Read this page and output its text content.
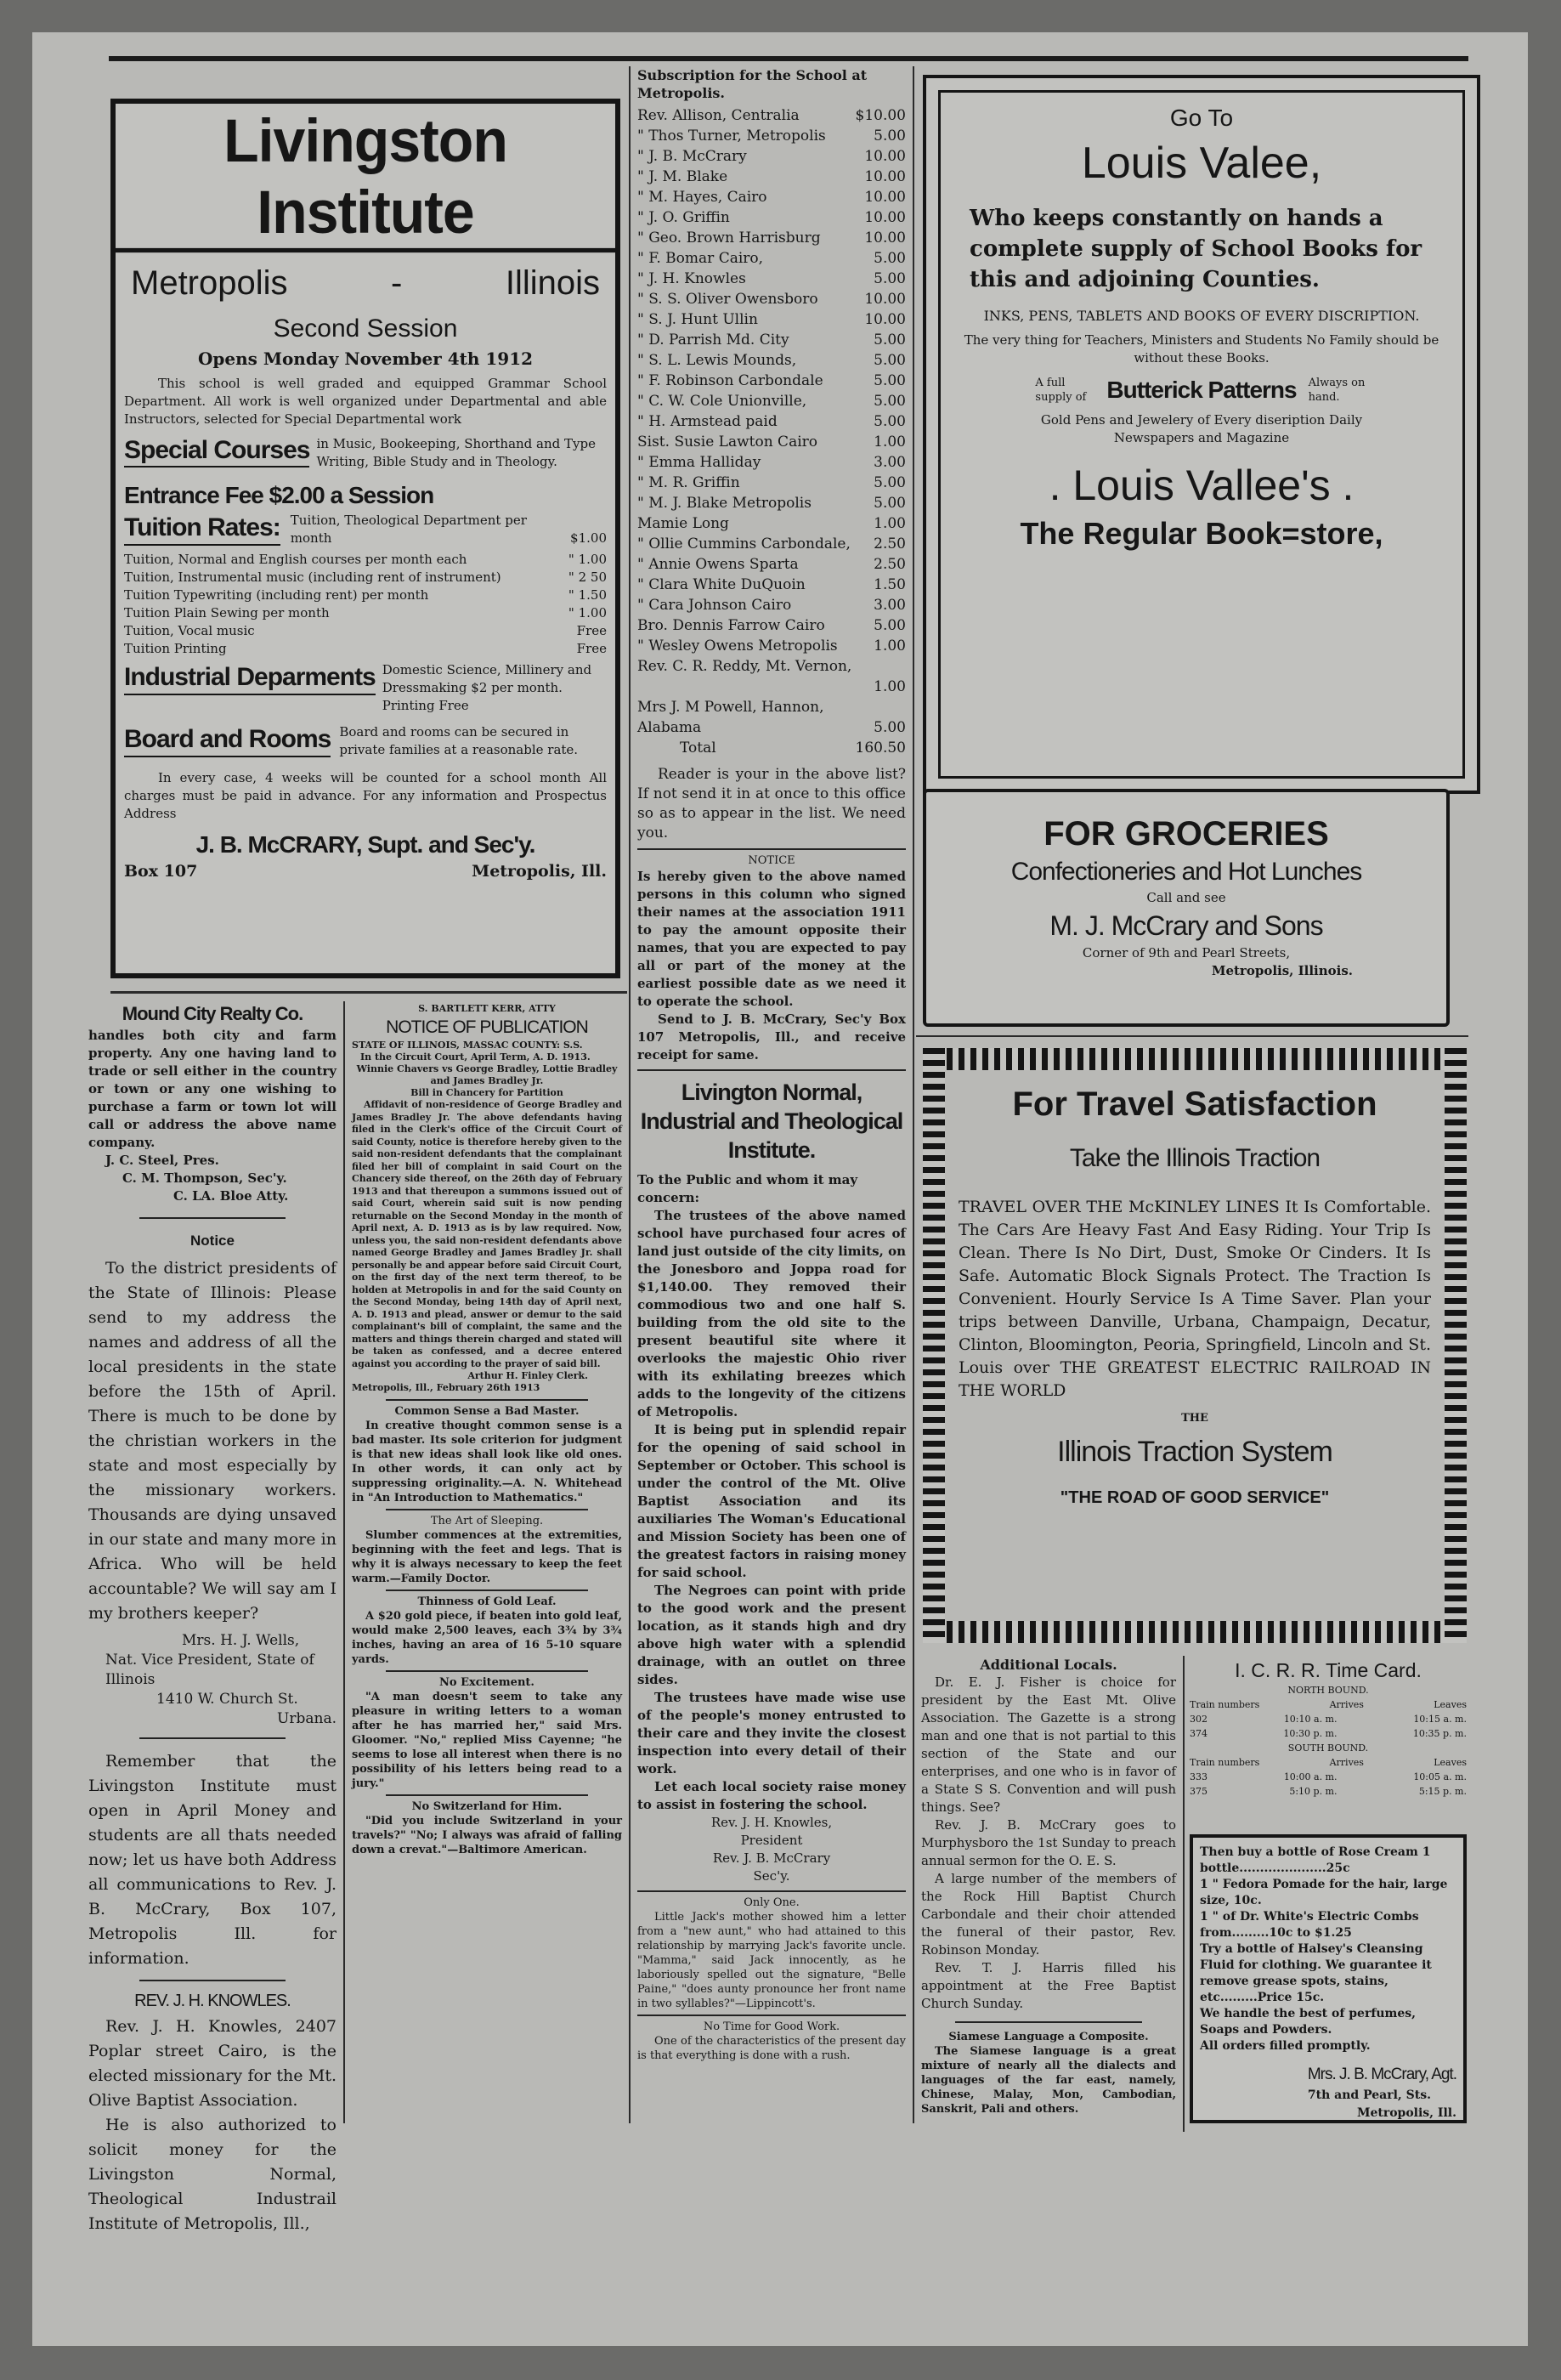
Livingston Institute
Metropolis	-	Illinois
Second Session
Opens Monday November 4th 1912

This school is well graded and equipped Grammar School Department. All work is well organized under Departmental and able Instructors, selected for Special Departmental work

Special Courses in Music, Bookeeping, Shorthand and Type Writing, Bible Study and in Theology.
Entrance Fee $2.00 a Session
Tuition Rates: Tuition, Theological Department per month	$1.00
Tuition, Normal and English courses per month each	" 1.00
Tuition, Instrumental music (including rent of instrument)	" 2 50
Tuition Typewriting (including rent) per month	" 1.50
Tuition Plain Sewing per month	" 1.00
Tuition, Vocal music	Free
Tuition Printing	Free
Industrial Deparments Domestic Science, Millinery and Dressmaking $2 per month. Printing Free
Board and Rooms Board and rooms can be secured in private families at a reasonable rate.

In every case, 4 weeks will be counted for a school month All charges must be paid in advance. For any information and Prospectus Address

J. B. McCRARY, Supt. and Sec'y.
Box 107	Metropolis, Ill.

Subscription for the School at Metropolis.

Rev. Allison, Centralia	$10.00
" Thos Turner, Metropolis	5.00
" J. B. McCrary	10.00
" J. M. Blake	10.00
" M. Hayes, Cairo	10.00
" J. O. Griffin	10.00
" Geo. Brown Harrisburg	10.00
" F. Bomar Cairo,	5.00
" J. H. Knowles	5.00
" S. S. Oliver Owensboro	10.00
" S. J. Hunt Ullin	10.00
" D. Parrish Md. City	5.00
" S. L. Lewis Mounds,	5.00
" F. Robinson Carbondale	5.00
" C. W. Cole Unionville,	5.00
" H. Armstead paid	5.00
Sist. Susie Lawton Cairo	1.00
" Emma Halliday	3.00
" M. R. Griffin	5.00
" M. J. Blake Metropolis	5.00
Mamie Long	1.00
" Ollie Cummins Carbondale, 2.50
" Annie Owens Sparta	2.50
" Clara White DuQuoin	1.50
" Cara Johnson Cairo	3.00
Bro. Dennis Farrow Cairo	5.00
" Wesley Owens Metropolis	1.00
Rev. C. R. Reddy, Mt. Vernon,
1.00
Mrs J. M Powell, Hannon, Alabama	5.00
Total	160.50

Reader is your in the above list? If not send it in at once to this office so as to appear in the list. We need you.

NOTICE

Is hereby given to the above named persons in this column who signed their names at the association 1911 to pay the amount opposite their names, that you are expected to pay all or part of the money at the earliest possible date as we need it to operate the school.

Send to J. B. McCrary, Sec'y Box 107 Metropolis, Ill., and receive receipt for same.

Livington Normal, Industrial and Theological Institute.

To the Public and whom it may concern:

The trustees of the above named school have purchased four acres of land just outside of the city limits, on the Jonesboro and Joppa road for $1,140.00. They removed their commodious two and one half S. building from the old site to the present beautiful site where it overlooks the majestic Ohio river with its exhilating breezes which adds to the longevity of the citizens of Metropolis.

It is being put in splendid repair for the opening of said school in September or October. This school is under the control of the Mt. Olive Baptist Association and its auxiliaries The Woman's Educational and Mission Society has been one of the greatest factors in raising money for said school.

The Negroes can point with pride to the good work and the present location, as it stands high and dry above high water with a splendid drainage, with an outlet on three sides.

The trustees have made wise use of the people's money entrusted to their care and they invite the closest inspection into every detail of their work.

Let each local society raise money to assist in fostering the school.

Rev. J. H. Knowles,

President

Rev. J. B. McCrary

Sec'y.

Only One.

Little Jack's mother showed him a letter from a "new aunt," who had attained to this relationship by marrying Jack's favorite uncle. "Mamma," said Jack innocently, as he laboriously spelled out the signature, "Belle Paine," "does aunty pronounce her front name in two syllables?"—Lippincott's.

No Time for Good Work.

One of the characteristics of the present day is that everything is done with a rush.

Go To
Louis Valee,

Who keeps constantly on hands a complete supply of School Books for this and adjoining Counties.

INKS, PENS, TABLETS AND BOOKS OF EVERY DISCRIPTION.

The very thing for Teachers, Ministers and Students No Family should be without these Books.

A full supply of Butterick Patterns Always on hand.

Gold Pens and Jewelery of Every diseription Daily Newspapers and Magazine

. Louis Vallee's .
The Regular Book=store,
FOR GROCERIES
Confectioneries and Hot Lunches
Call and see
M. J. McCrary and Sons
Corner of 9th and Pearl Streets,
Metropolis, Illinois.
For Travel Satisfaction
Take the Illinois Traction

TRAVEL OVER THE McKINLEY LINES It Is Comfortable. The Cars Are Heavy Fast And Easy Riding. Your Trip Is Clean. There Is No Dirt, Dust, Smoke Or Cinders. It Is Safe. Automatic Block Signals Protect. The Traction Is Convenient. Hourly Service Is A Time Saver. Plan your trips between Danville, Urbana, Champaign, Decatur, Clinton, Bloomington, Peoria, Springfield, Lincoln and St. Louis over THE GREATEST ELECTRIC RAILROAD IN THE WORLD

THE
Illinois Traction System
"THE ROAD OF GOOD SERVICE"
Mound City Realty Co.

handles both city and farm property. Any one having land to trade or sell either in the country or town or any one wishing to purchase a farm or town lot will call or address the above name company.

J. C. Steel, Pres.

C. M. Thompson, Sec'y.

C. LA. Bloe Atty.

Notice

To the district presidents of the State of Illinois: Please send to my address the names and address of all the local presidents in the state before the 15th of April. There is much to be done by the christian workers in the state and most especially by the missionary workers. Thousands are dying unsaved in our state and many more in Africa. Who will be held accountable? We will say am I my brothers keeper?

Mrs. H. J. Wells,

Nat. Vice President, State of Illinois

1410 W. Church St.

Urbana.

Remember that the Livingston Institute must open in April Money and students are all thats needed now; let us have both Address all communications to Rev. J. B. McCrary, Box 107, Metropolis Ill. for information.

REV. J. H. KNOWLES.

Rev. J. H. Knowles, 2407 Poplar street Cairo, is the elected missionary for the Mt. Olive Baptist Association.

He is also authorized to solicit money for the Livingston Normal, Theological Industrail Institute of Metropolis, Ill.,

S. BARTLETT KERR, ATTY

NOTICE OF PUBLICATION

STATE OF ILLINOIS, MASSAC COUNTY: S.S.

In the Circuit Court, April Term, A. D. 1913.

Winnie Chavers vs George Bradley, Lottie Bradley and James Bradley Jr.

Bill in Chancery for Partition

Affidavit of non-residence of George Bradley and James Bradley Jr. The above defendants having filed in the Clerk's office of the Circuit Court of said County, notice is therefore hereby given to the said non-resident defendants that the complainant filed her bill of complaint in said Court on the Chancery side thereof, on the 26th day of February 1913 and that thereupon a summons issued out of said Court, wherein said suit is now pending returnable on the Second Monday in the month of April next, A. D. 1913 as is by law required. Now, unless you, the said non-resident defendants above named George Bradley and James Bradley Jr. shall personally be and appear before said Circuit Court, on the first day of the next term thereof, to be holden at Metropolis in and for the said County on the Second Monday, being 14th day of April next, A. D. 1913 and plead, answer or demur to the said complainant's bill of complaint, the same and the matters and things therein charged and stated will be taken as confessed, and a decree entered against you according to the prayer of said bill.

Arthur H. Finley Clerk.

Metropolis, Ill., February 26th 1913

Common Sense a Bad Master.

In creative thought common sense is a bad master. Its sole criterion for judgment is that new ideas shall look like old ones. In other words, it can only act by suppressing originality.—A. N. Whitehead in "An Introduction to Mathematics."

The Art of Sleeping.

Slumber commences at the extremities, beginning with the feet and legs. That is why it is always necessary to keep the feet warm.—Family Doctor.

Thinness of Gold Leaf.

A $20 gold piece, if beaten into gold leaf, would make 2,500 leaves, each 3¾ by 3¾ inches, having an area of 16 5-10 square yards.

No Excitement.

"A man doesn't seem to take any pleasure in writing letters to a woman after he has married her," said Mrs. Gloomer. "No," replied Miss Cayenne; "he seems to lose all interest when there is no possibility of his letters being read to a jury."

No Switzerland for Him.

"Did you include Switzerland in your travels?" "No; I always was afraid of falling down a crevat."—Baltimore American.

Additional Locals.

Dr. E. J. Fisher is choice for president by the East Mt. Olive Association. The Gazette is a strong man and one that is not partial to this section of the State and our enterprises, and one who is in favor of a State S S. Convention and will push things. See?

Rev. J. B. McCrary goes to Murphysboro the 1st Sunday to preach annual sermon for the O. E. S.

A large number of the members of the Rock Hill Baptist Church Carbondale and their choir attended the funeral of their pastor, Rev. Robinson Monday.

Rev. T. J. Harris filled his appointment at the Free Baptist Church Sunday.

Siamese Language a Composite.

The Siamese language is a great mixture of nearly all the dialects and languages of the far east, namely, Chinese, Malay, Mon, Cambodian, Sanskrit, Pali and others.

I. C. R. R. Time Card.

NORTH BOUND.

Train numbers	Arrives	Leaves
302	10:10 a. m.	10:15 a. m.
374	10:30 p. m.	10:35 p. m.

SOUTH BOUND.

Train numbers	Arrives	Leaves
333	10:00 a. m.	10:05 a. m.
375	5:10 p. m.	5:15 p. m.

Then buy a bottle of Rose Cream 1 bottle.....................25c

1 " Fedora Pomade for the hair, large size, 10c.

1 " of Dr. White's Electric Combs from.........10c to $1.25

Try a bottle of Halsey's Cleansing Fluid for clothing. We guarantee it remove grease spots, stains, etc.........Price 15c.

We handle the best of perfumes, Soaps and Powders.

All orders filled promptly.

Mrs. J. B. McCrary, Agt.

7th and Pearl, Sts.

Metropolis, Ill.
